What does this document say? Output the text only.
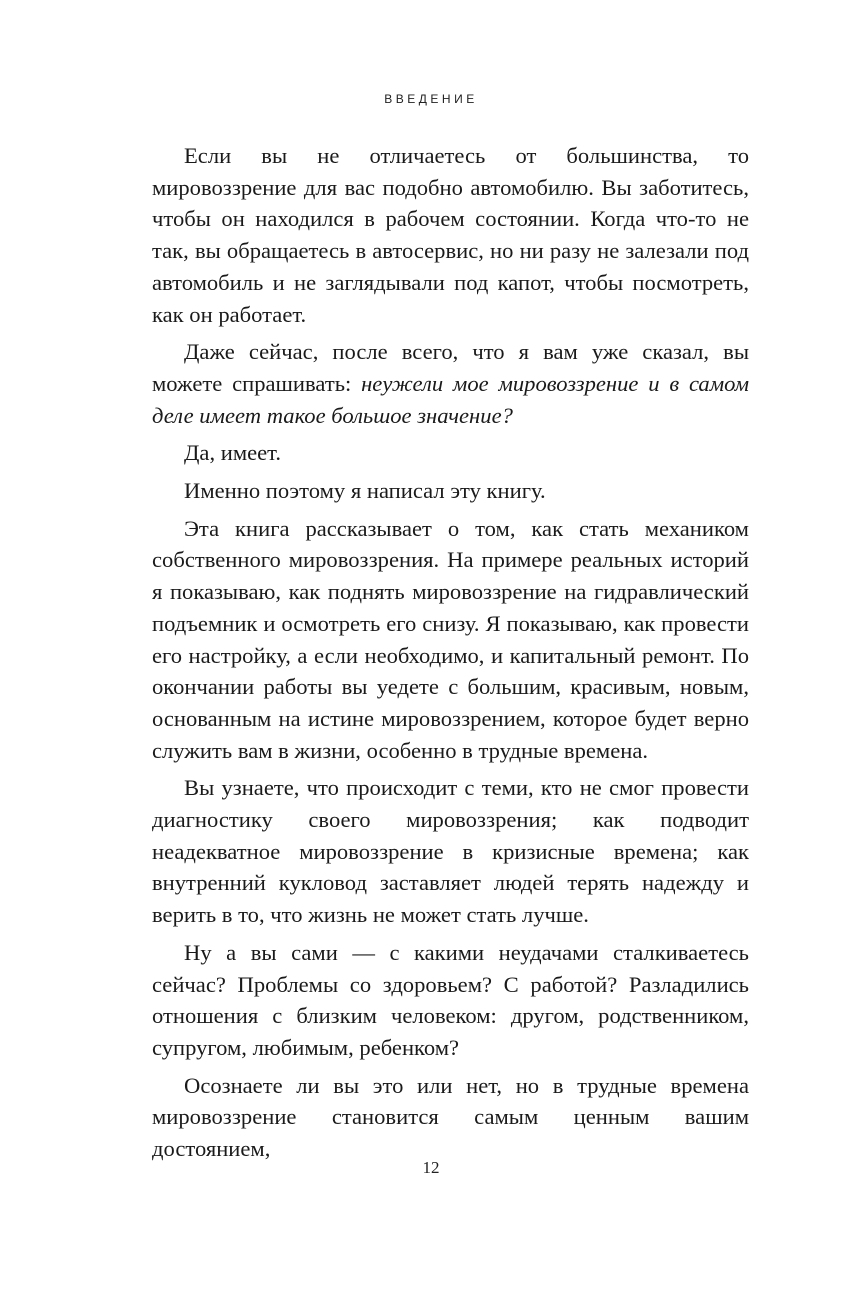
ВВЕДЕНИЕ

Если вы не отличаетесь от большинства, то мировоззрение для вас подобно автомобилю. Вы заботитесь, чтобы он находился в рабочем состоянии. Когда что-то не так, вы обращаетесь в автосервис, но ни разу не залезали под автомобиль и не заглядывали под капот, чтобы посмотреть, как он работает.

Даже сейчас, после всего, что я вам уже сказал, вы можете спрашивать: неужели мое мировоззрение и в самом деле имеет такое большое значение?

Да, имеет.

Именно поэтому я написал эту книгу.

Эта книга рассказывает о том, как стать механиком собственного мировоззрения. На примере реальных историй я показываю, как поднять мировоззрение на гидравлический подъемник и осмотреть его снизу. Я показываю, как провести его настройку, а если необходимо, и капитальный ремонт. По окончании работы вы уедете с большим, красивым, новым, основанным на истине мировоззрением, которое будет верно служить вам в жизни, особенно в трудные времена.

Вы узнаете, что происходит с теми, кто не смог провести диагностику своего мировоззрения; как подводит неадекватное мировоззрение в кризисные времена; как внутренний кукловод заставляет людей терять надежду и верить в то, что жизнь не может стать лучше.

Ну а вы сами — с какими неудачами сталкиваетесь сейчас? Проблемы со здоровьем? С работой? Разладились отношения с близким человеком: другом, родственником, супругом, любимым, ребенком?

Осознаете ли вы это или нет, но в трудные времена мировоззрение становится самым ценным вашим достоянием,

12
